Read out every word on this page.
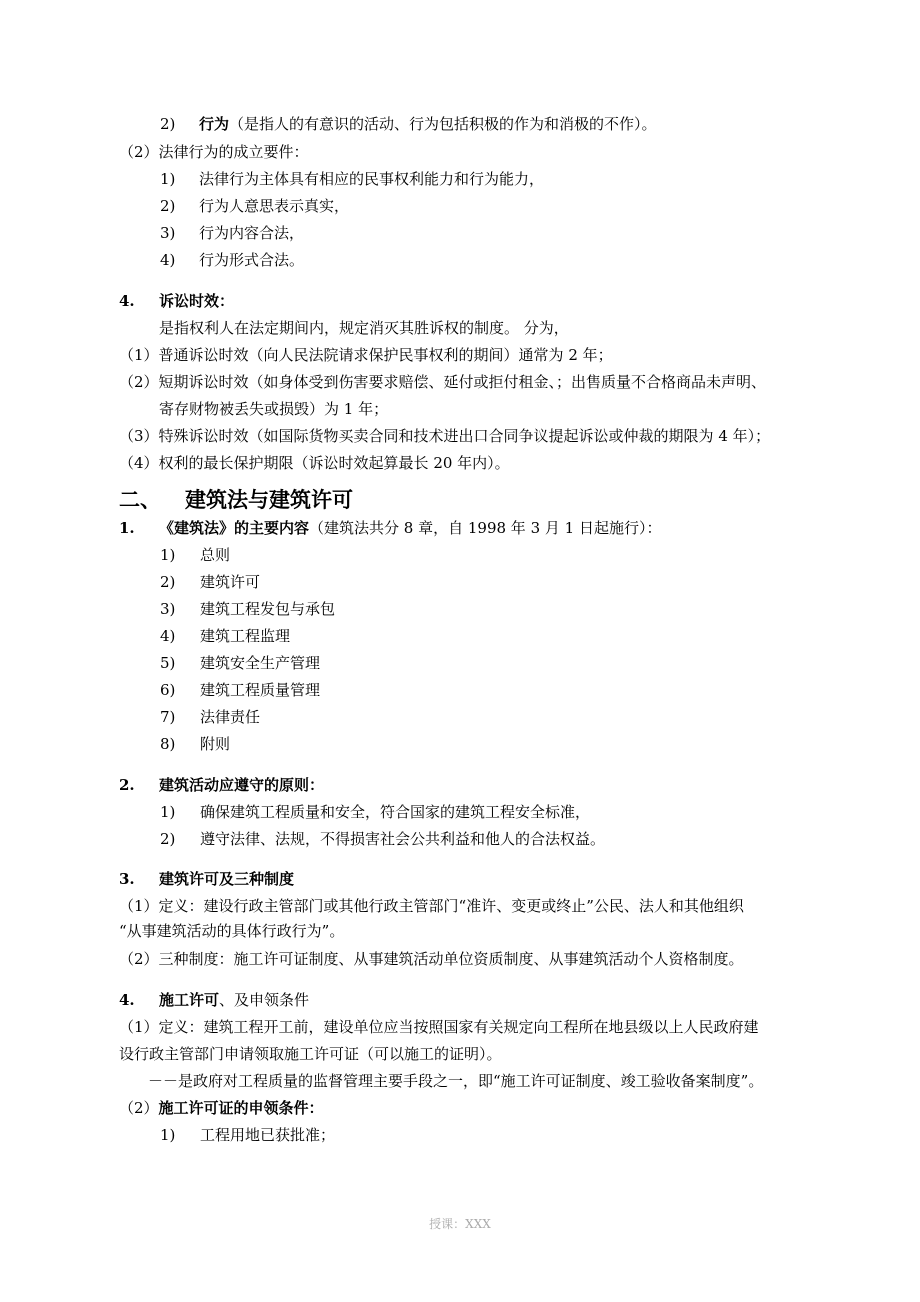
2) 行为（是指人的有意识的活动、行为包括积极的作为和消极的不作）。
（2）法律行为的成立要件：
1) 法律行为主体具有相应的民事权利能力和行为能力，
2) 行为人意思表示真实，
3) 行为内容合法，
4) 行为形式合法。
4. 诉讼时效：
是指权利人在法定期间内，规定消灭其胜诉权的制度。 分为，
（1）普通诉讼时效（向人民法院请求保护民事权利的期间）通常为 2 年；
（2）短期诉讼时效（如身体受到伤害要求赔偿、延付或拒付租金、；出售质量不合格商品未声明、
寄存财物被丢失或损毁）为 1 年；
（3）特殊诉讼时效（如国际货物买卖合同和技术进出口合同争议提起诉讼或仲裁的期限为 4 年）；
（4）权利的最长保护期限（诉讼时效起算最长 20 年内）。
二、 建筑法与建筑许可
1. 《建筑法》的主要内容（建筑法共分 8 章，自 1998 年 3 月 1 日起施行）：
1) 总则
2) 建筑许可
3) 建筑工程发包与承包
4) 建筑工程监理
5) 建筑安全生产管理
6) 建筑工程质量管理
7) 法律责任
8) 附则
2. 建筑活动应遵守的原则：
1) 确保建筑工程质量和安全，符合国家的建筑工程安全标准，
2) 遵守法律、法规，不得损害社会公共利益和他人的合法权益。
3. 建筑许可及三种制度
（1）定义：建设行政主管部门或其他行政主管部门“准许、变更或终止”公民、法人和其他组织
“从事建筑活动的具体行政行为”。
（2）三种制度：施工许可证制度、从事建筑活动单位资质制度、从事建筑活动个人资格制度。
4. 施工许可、及申领条件
（1）定义：建筑工程开工前，建设单位应当按照国家有关规定向工程所在地县级以上人民政府建
设行政主管部门申请领取施工许可证（可以施工的证明）。
－－是政府对工程质量的监督管理主要手段之一，即“施工许可证制度、竣工验收备案制度”。
（2）施工许可证的申领条件：
1) 工程用地已获批准；
授课：XXX
